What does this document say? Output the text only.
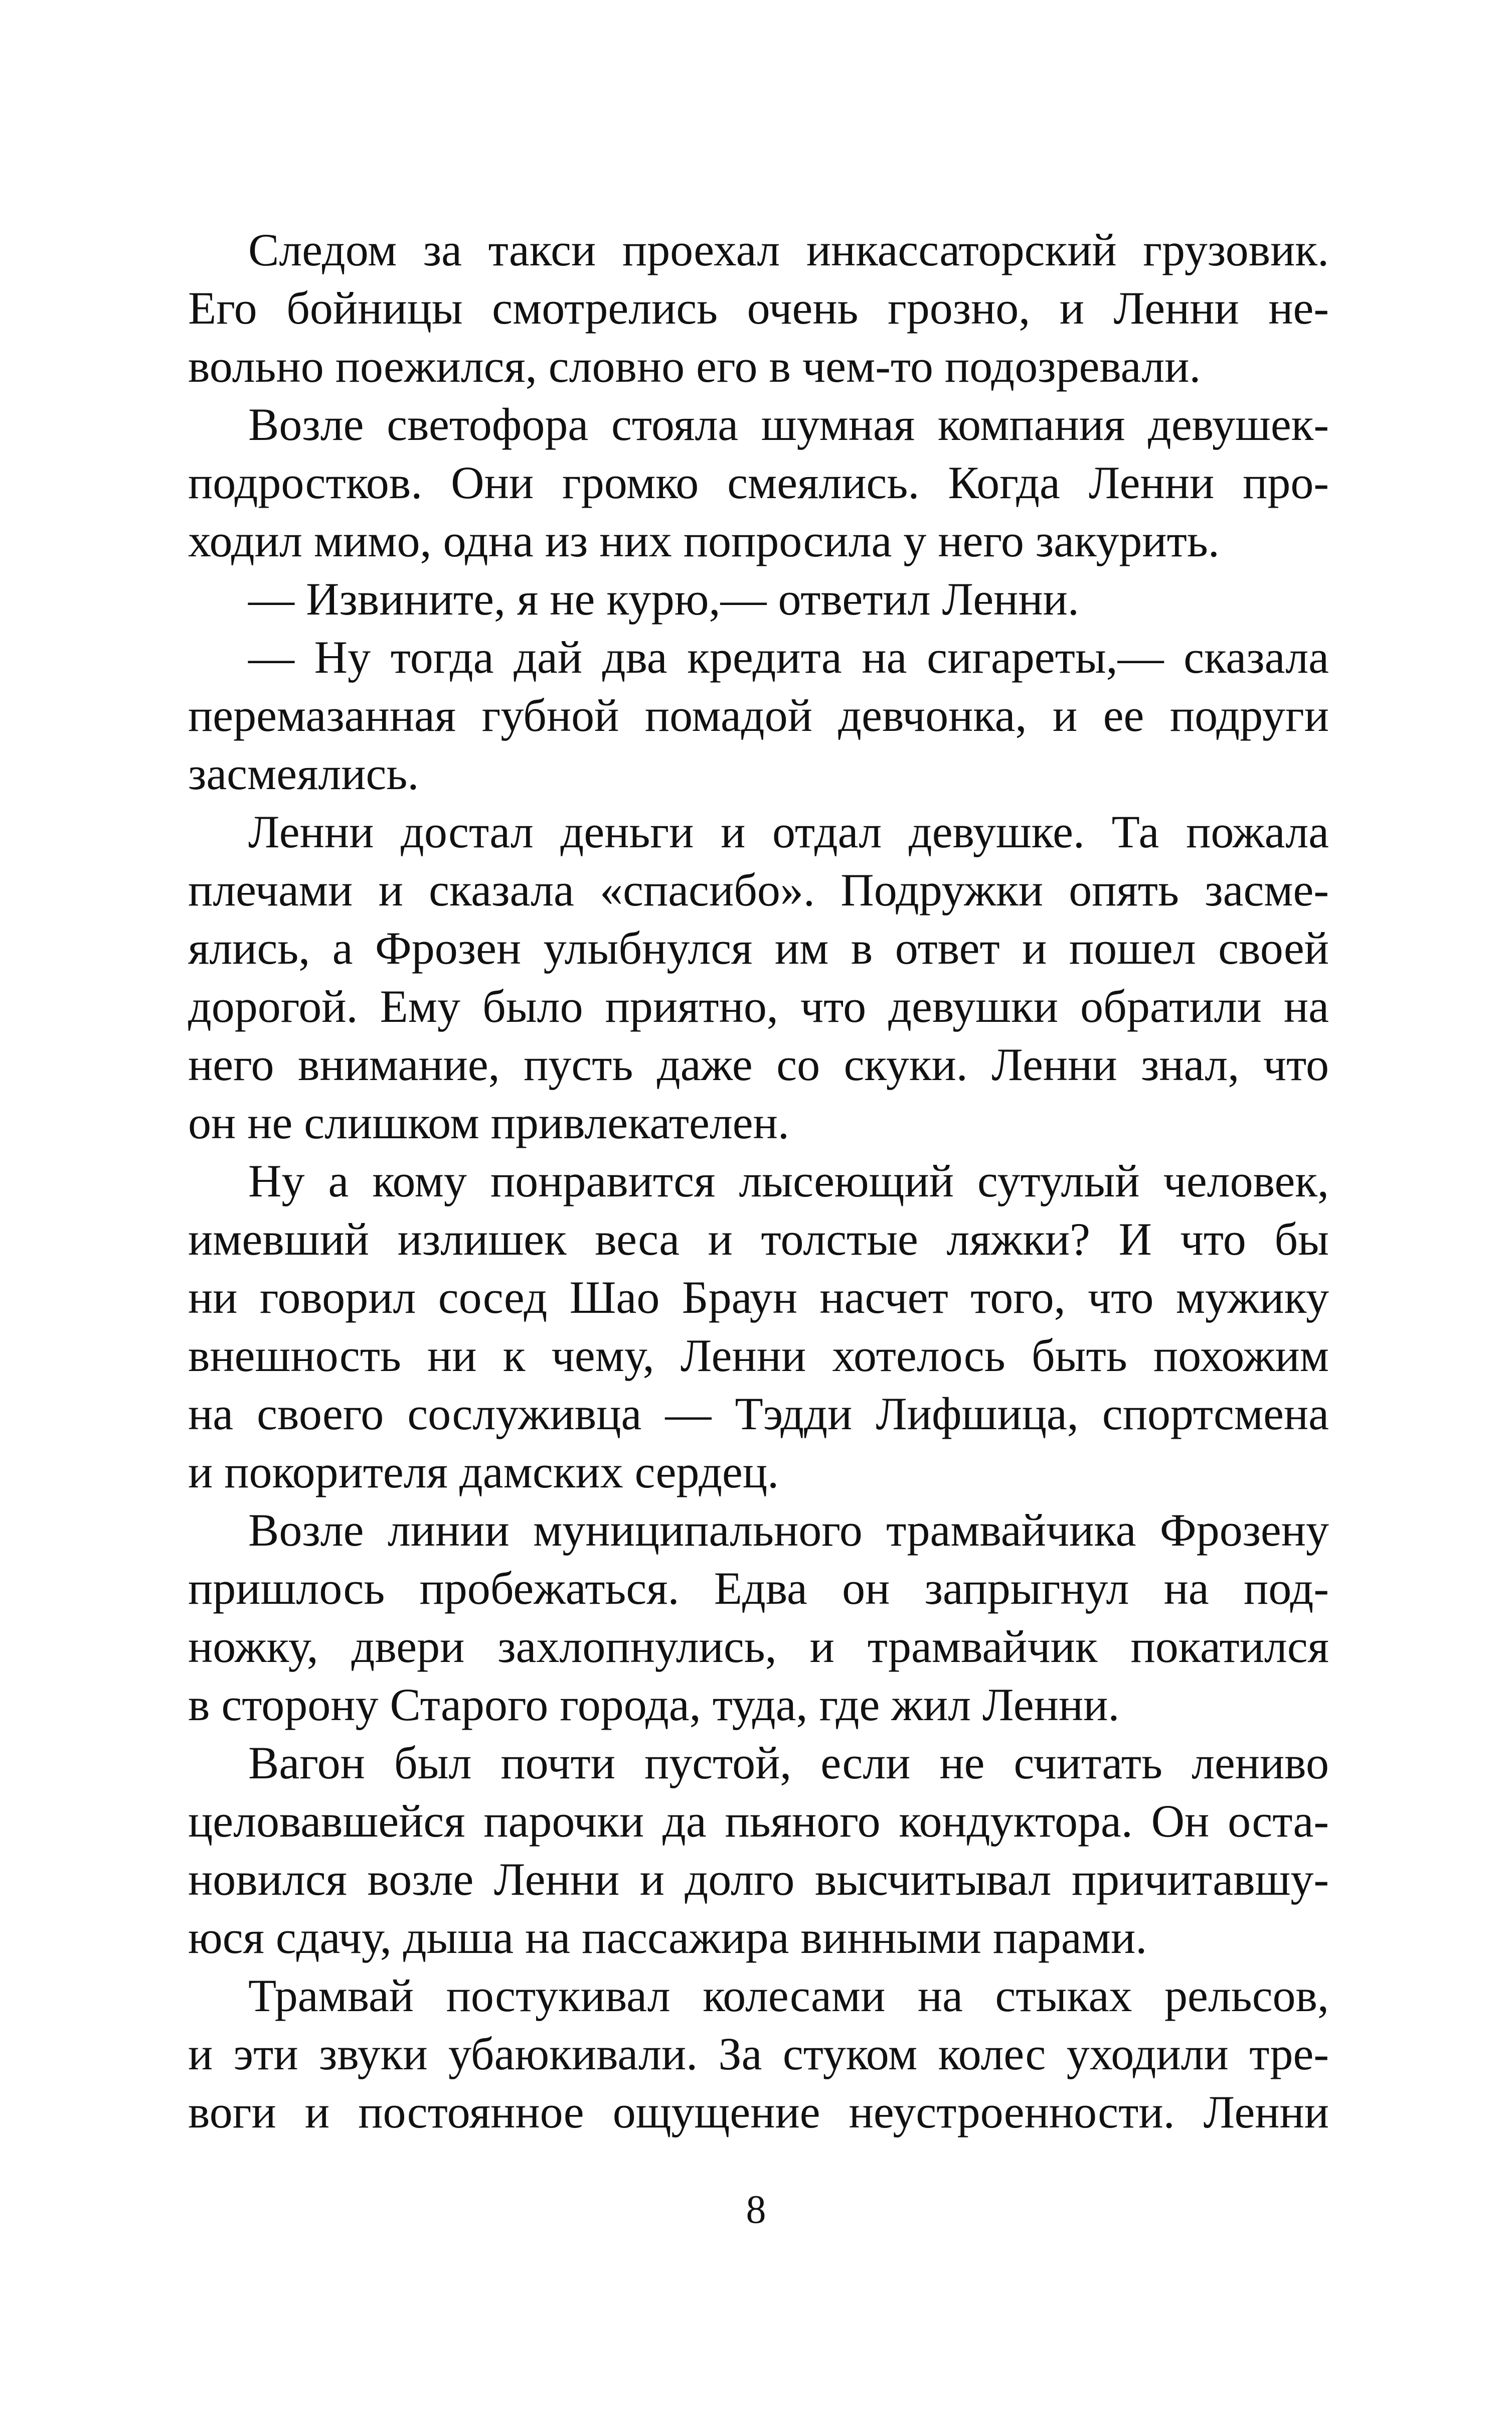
Следом за такси проехал инкассаторский грузовик.
Его бойницы смотрелись очень грозно, и Ленни не-
вольно поежился, словно его в чем-то подозревали.
Возле светофора стояла шумная компания девушек-
подростков. Они громко смеялись. Когда Ленни про-
ходил мимо, одна из них попросила у него закурить.
— Извините, я не курю,— ответил Ленни.
— Ну тогда дай два кредита на сигареты,— сказала
перемазанная губной помадой девчонка, и ее подруги
засмеялись.
Ленни достал деньги и отдал девушке. Та пожала
плечами и сказала «спасибо». Подружки опять засме-
ялись, а Фрозен улыбнулся им в ответ и пошел своей
дорогой. Ему было приятно, что девушки обратили на
него внимание, пусть даже со скуки. Ленни знал, что
он не слишком привлекателен.
Ну а кому понравится лысеющий сутулый человек,
имевший излишек веса и толстые ляжки? И что бы
ни говорил сосед Шао Браун насчет того, что мужику
внешность ни к чему, Ленни хотелось быть похожим
на своего сослуживца — Тэдди Лифшица, спортсмена
и покорителя дамских сердец.
Возле линии муниципального трамвайчика Фрозену
пришлось пробежаться. Едва он запрыгнул на под-
ножку, двери захлопнулись, и трамвайчик покатился
в сторону Старого города, туда, где жил Ленни.
Вагон был почти пустой, если не считать лениво
целовавшейся парочки да пьяного кондуктора. Он оста-
новился возле Ленни и долго высчитывал причитавшу-
юся сдачу, дыша на пассажира винными парами.
Трамвай постукивал колесами на стыках рельсов,
и эти звуки убаюкивали. За стуком колес уходили тре-
воги и постоянное ощущение неустроенности. Ленни
8
